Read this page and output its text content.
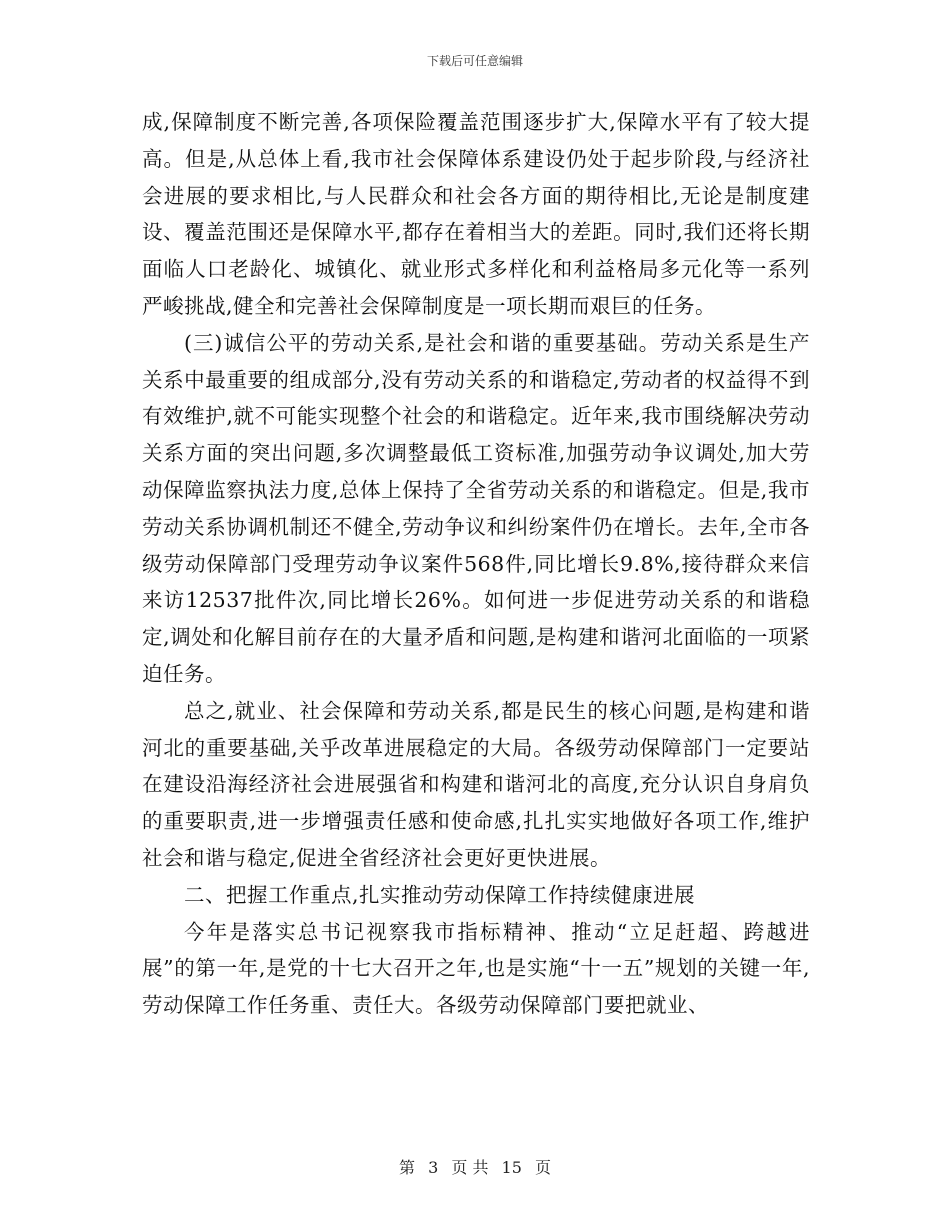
下载后可任意编辑

成,保障制度不断完善,各项保险覆盖范围逐步扩大,保障水平有了较大提高。但是,从总体上看,我市社会保障体系建设仍处于起步阶段,与经济社会进展的要求相比,与人民群众和社会各方面的期待相比,无论是制度建设、覆盖范围还是保障水平,都存在着相当大的差距。同时,我们还将长期面临人口老龄化、城镇化、就业形式多样化和利益格局多元化等一系列严峻挑战,健全和完善社会保障制度是一项长期而艰巨的任务。

(三)诚信公平的劳动关系,是社会和谐的重要基础。劳动关系是生产关系中最重要的组成部分,没有劳动关系的和谐稳定,劳动者的权益得不到有效维护,就不可能实现整个社会的和谐稳定。近年来,我市围绕解决劳动关系方面的突出问题,多次调整最低工资标准,加强劳动争议调处,加大劳动保障监察执法力度,总体上保持了全省劳动关系的和谐稳定。但是,我市劳动关系协调机制还不健全,劳动争议和纠纷案件仍在增长。去年,全市各级劳动保障部门受理劳动争议案件568件,同比增长9.8%,接待群众来信来访12537批件次,同比增长26%。如何进一步促进劳动关系的和谐稳定,调处和化解目前存在的大量矛盾和问题,是构建和谐河北面临的一项紧迫任务。

总之,就业、社会保障和劳动关系,都是民生的核心问题,是构建和谐河北的重要基础,关乎改革进展稳定的大局。各级劳动保障部门一定要站在建设沿海经济社会进展强省和构建和谐河北的高度,充分认识自身肩负的重要职责,进一步增强责任感和使命感,扎扎实实地做好各项工作,维护社会和谐与稳定,促进全省经济社会更好更快进展。

二、把握工作重点,扎实推动劳动保障工作持续健康进展

今年是落实总书记视察我市指标精神、推动“立足赶超、跨越进展”的第一年,是党的十七大召开之年,也是实施“十一五”规划的关键一年,劳动保障工作任务重、责任大。各级劳动保障部门要把就业、

第 3 页 共 15 页
